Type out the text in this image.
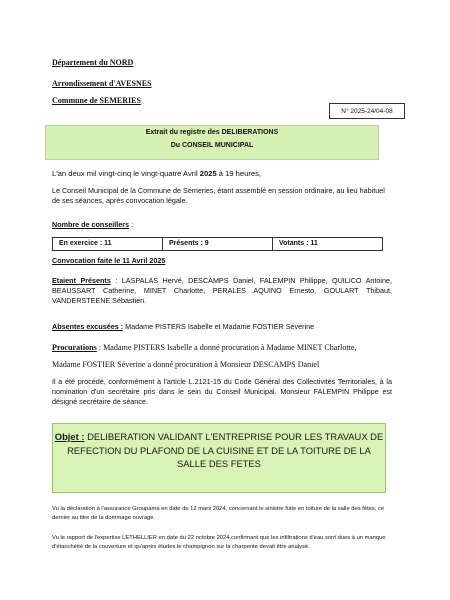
Département du NORD
Arrondissement d'AVESNES
Commune de SEMERIES
N° 2025-24/04-08
Extrait du registre des DELIBERATIONS
Du CONSEIL MUNICIPAL
L'an deux mil vingt-cinq le vingt-quatre Avril 2025 à 19 heures,
Le Conseil Municipal de la Commune de Sémeries, étant assemblé en session ordinaire, au lieu habituel de ses séances, après convocation légale.
Nombre de conseillers :
En exercice : 11	Présents : 9	Votants : 11
Convocation faite le 11 Avril 2025
Etaient Présents : LASPALAS Hervé, DESCAMPS Daniel, FALEMPIN Philippe, QUILICO Antoine, BEAUSSART Catherine, MINET Charlotte, PERALES AQUINO Ernesto, GOULART Thibaut, VANDERSTEENE Sébastien.
Absentes excusées : Madame PISTERS Isabelle et Madame FOSTIER Séverine
Procurations : Madame PISTERS Isabelle a donné procuration à Madame MINET Charlotte,
Madame FOSTIER Séverine a donné procuration à Monsieur DESCAMPS Daniel
Il a été procédé, conformément à l'article L.2121-15 du Code Général des Collectivités Territoriales, à la nomination d'un secrétaire pris dans le sein du Conseil Municipal. Monsieur FALEMPIN Philippe est désigné secrétaire de séance.
Objet : DELIBERATION VALIDANT L'ENTREPRISE POUR LES TRAVAUX DE REFECTION DU PLAFOND DE LA CUISINE ET DE LA TOITURE DE LA SALLE DES FETES
Vu la déclaration à l'assurance Groupama en date du 12 mars 2024, concernant le sinistre fuite en toiture de la salle des fêtes, ce dernier au titre de la dommage ouvrage.
Vu le rapport de l'expertise LETHELLIER en date du 22 octobre 2024 confirmant que les infiltrations d'eau sont dues à un manque d'étanchéité de la couverture et qu'après études le champignon sur la charpente devait être analysé.
